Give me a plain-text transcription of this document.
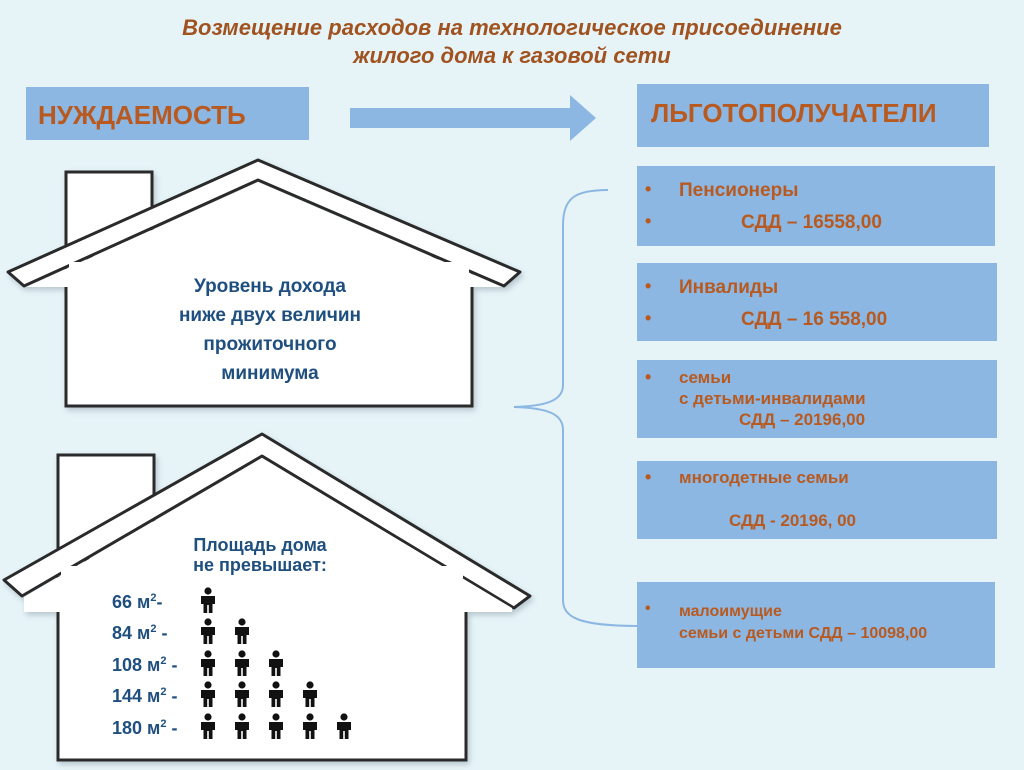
Возмещение расходов на технологическое присоединение
жилого дома к газовой сети
НУЖДАЕМОСТЬ	ЛЬГОТОПОЛУЧАТЕЛИ
Уровень дохода
ниже двух величин
прожиточного
минимума
Площадь дома
не превышает:
66 $м^2-$
84 $м^2$ -
108 $м^2$ -
144 $м^2$ -
180 $м^2$ -
• Пенсионеры
•	СДД – 16558,00
• Инвалиды
•	СДД – 16 558,00
• семьи
с детьми-инвалидами
СДД – 20196,00
• многодетные семьи
СДД - 20196, 00
• малоимущие
семьи с детьми СДД – 10098,00
